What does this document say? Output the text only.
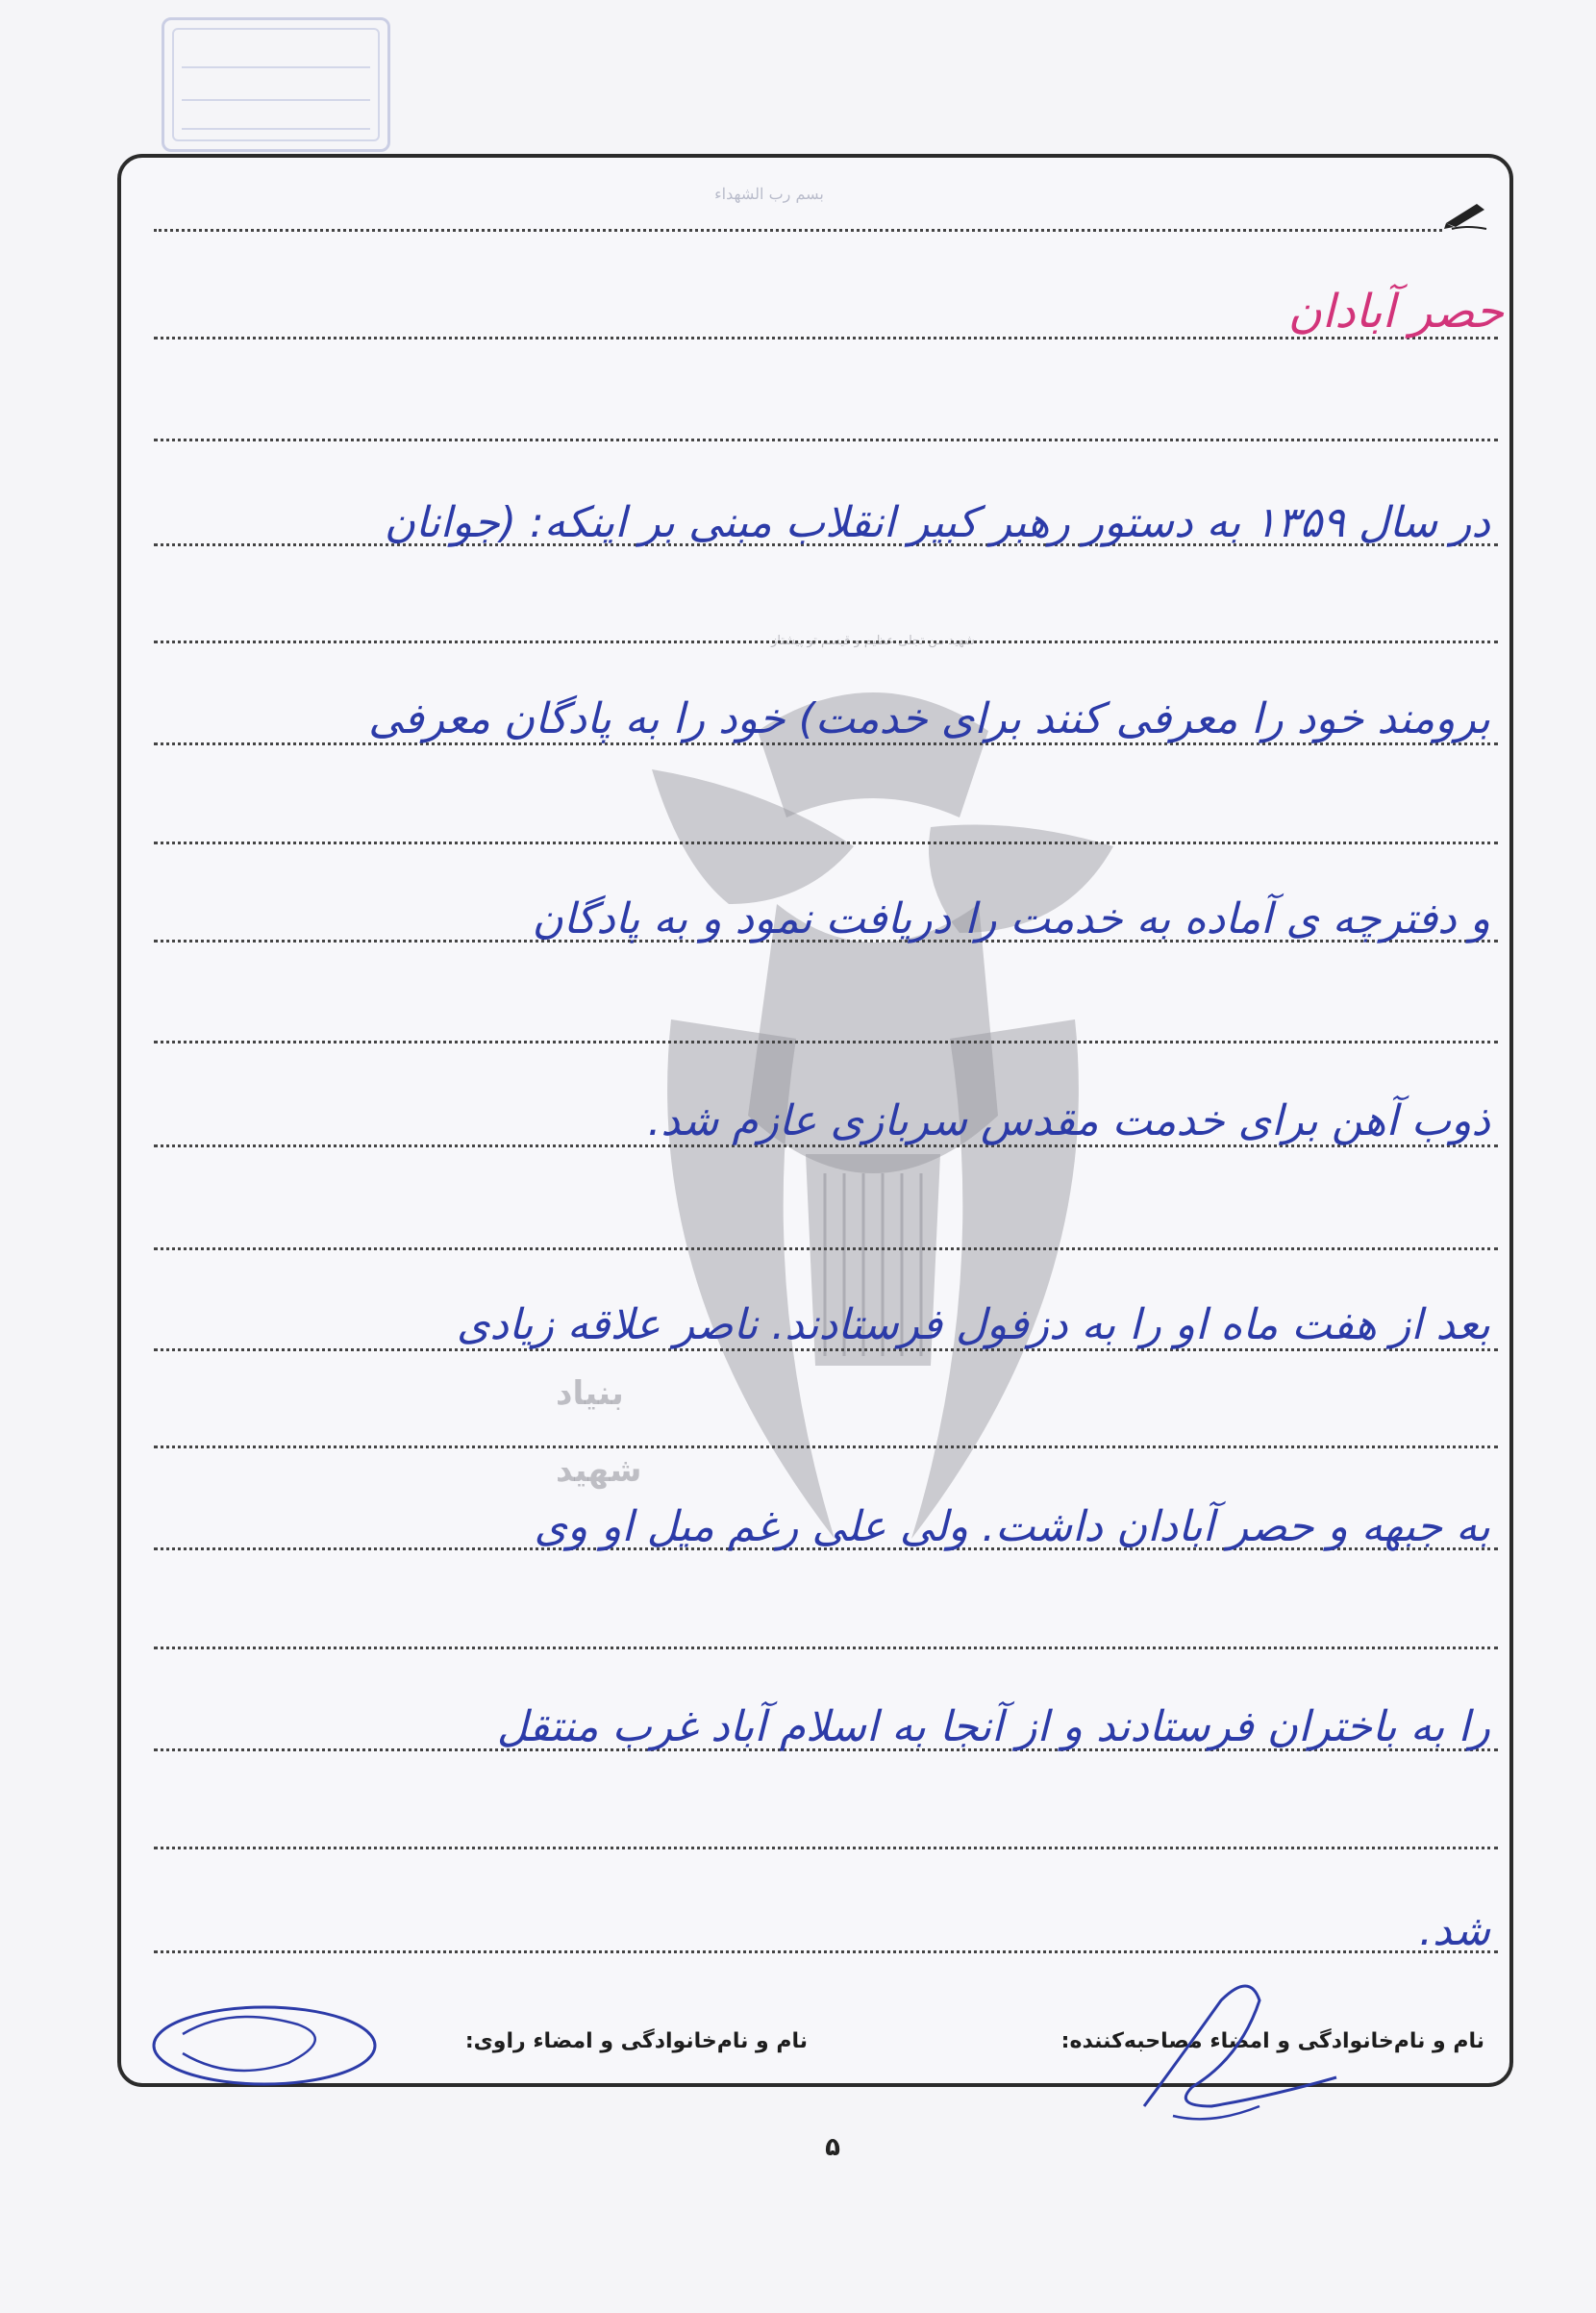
بسم رب الشهداء
شهید من تجلی عظیم و قیسم تو پیشتاز
بنیاد
شهید
حصر آبادان
در سال ۱۳۵۹ به دستور رهبر کبیر انقلاب مبنی بر اینکه: (جوانان
برومند خود را معرفی کنند برای خدمت) خود را به پادگان معرفی
و دفترچه ی آماده به خدمت را دریافت نمود و به پادگان
ذوب آهن برای خدمت مقدس سربازی عازم شد.
بعد از هفت ماه او را به دزفول فرستادند. ناصر علاقه زیادی
به جبهه و حصر آبادان داشت. ولی علی رغم میل او وی
را به باختران فرستادند و از آنجا به اسلام آباد غرب منتقل
شد.
نام و نام‌خانوادگی و امضاء مصاحبه‌کننده:
نام و نام‌خانوادگی و امضاء راوی:
۵
